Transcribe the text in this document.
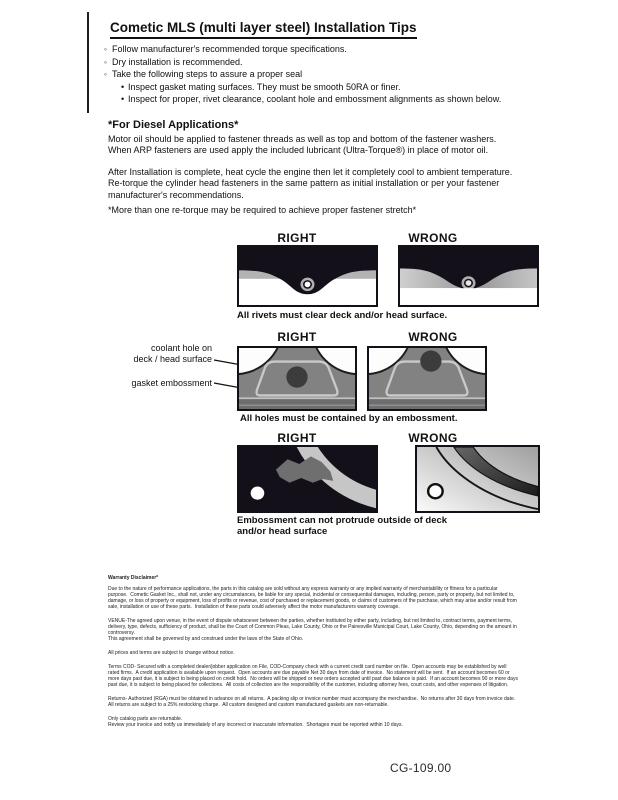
Cometic MLS (multi layer steel) Installation Tips
◦ Follow manufacturer's recommended torque specifications.
◦ Dry installation is recommended.
◦ Take the following steps to assure a proper seal
• Inspect gasket mating surfaces. They must be smooth 50RA or finer.
• Inspect for proper, rivet clearance, coolant hole and embossment alignments as shown below.
*For Diesel Applications*
Motor oil should be applied to fastener threads as well as top and bottom of the fastener washers. When ARP fasteners are used apply the included lubricant (Ultra-Torque®) in place of motor oil.
After Installation is complete, heat cycle the engine then let it completely cool to ambient temperature. Re-torque the cylinder head fasteners in the same pattern as initial installation or per your fastener manufacturer's recommendations.
*More than one re-torque may be required to achieve proper fastener stretch*
RIGHT	WRONG
All rivets must clear deck and/or head surface.
RIGHT	WRONG
coolant hole on
deck / head surface
gasket embossment
All holes must be contained by an embossment.
RIGHT	WRONG
Embossment can not protrude outside of deck
and/or head surface
Warranty Disclaimer*

Due to the nature of performance applications, the parts in this catalog are sold without any express warranty or any implied warranty of merchantability or fitness for a particular purpose.  Cometic Gasket Inc., shall not, under any circumstances, be liable for any special, incidental or consequential damages, including, person, party or property, but not limited to, damage, or loss of property or equipment, loss of profits or revenue, cost of purchased or replacement goods, or claims of customers of the purchase, which may arise and/or result from sale, installation or use of these parts.  Installation of these parts could adversely affect the motor manufacturers warranty coverage.

VENUE-The agreed upon venue, in the event of dispute whatsoever between the parties, whether instituted by either party, including, but not limited to, contract terms, payment terms, delivery, type, defects, sufficiency of product, shall be the Court of Common Pleas, Lake County, Ohio or the Painesville Municipal Court, Lake County, Ohio, depending on the amount in controversy.

This agreement shall be governed by and construed under the laws of the State of Ohio.

All prices and terms are subject to change without notice.

Terms COD- Secured with a completed dealer/jobber application on File, COD-Company check with a current credit card number on file.  Open accounts may be established by well rated firms.  A credit application is available upon request.  Open accounts are due payable Net 30 days from date of invoice.  No statement will be sent.  If an account becomes 60 or more days past due, it is subject to being placed on credit hold.  No orders will be shipped or new orders accepted until past due balance is paid.  If an account becomes 90 or more days past due, it is subject to being placed for collections.  All costs of collection are the responsibility of the customer, including attorney fees, court costs, and other expenses of litigation.

Returns- Authorized (RGA) must be obtained in advance on all returns.  A packing slip or invoice number must accompany the merchandise.  No returns after 30 days from invoice date.  All returns are subject to a 25% restocking charge.  All custom designed and custom manufactured gaskets are non-returnable.

Only catalog parts are returnable.

Review your invoice and notify us immediately of any incorrect or inaccurate information.  Shortages must be reported within 10 days.

CG-109.00
